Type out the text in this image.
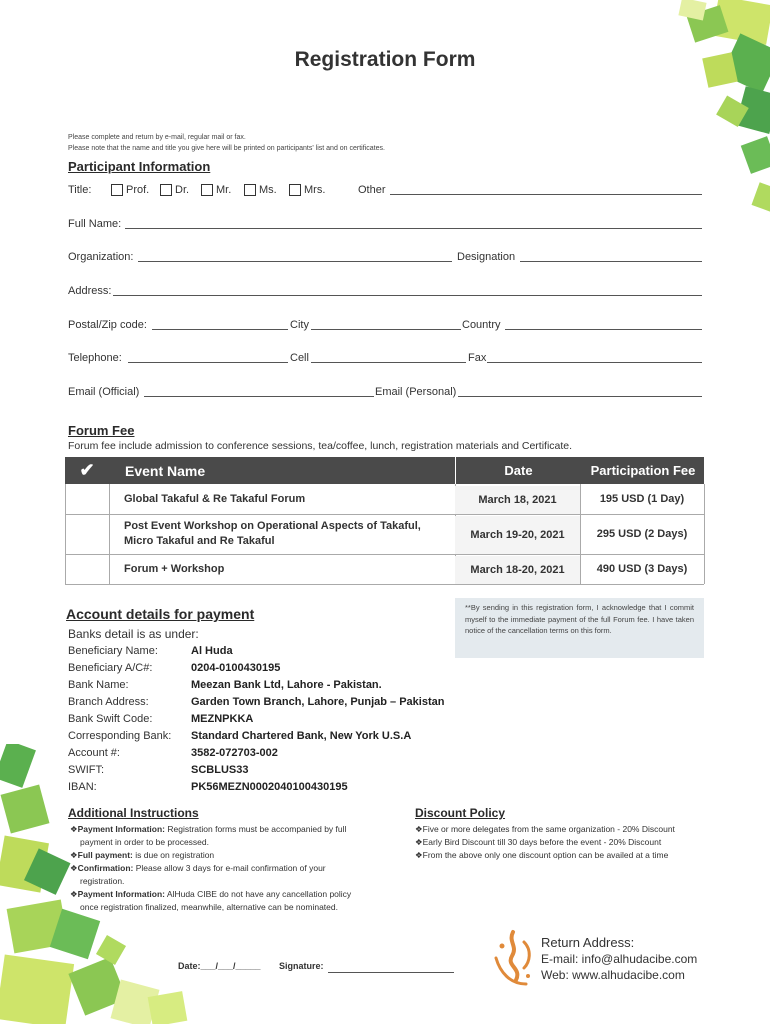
Registration Form
Please complete and return by e-mail, regular mail or fax.
Please note that the name and title you give here will be printed on participants' list and on certificates.
Participant Information
Title:	Prof.	Dr.	Mr.	Ms.	Mrs.	Other
Full Name:
Organization:	Designation
Address:
Postal/Zip code:	City	Country
Telephone:	Cell	Fax
Email (Official)	Email (Personal)
Forum Fee
Forum fee include admission to conference sessions, tea/coffee, lunch, registration materials and Certificate.
✔	Event Name	Date	Participation Fee
Global Takaful & Re Takaful Forum	March 18, 2021	195 USD (1 Day)
Post Event Workshop on Operational Aspects of Takaful, Micro Takaful and Re Takaful	March 19-20, 2021	295 USD (2 Days)
Forum + Workshop	March 18-20, 2021	490 USD (3 Days)
Account details for payment
Banks detail is as under:
Beneficiary Name:	Al Huda
Beneficiary A/C#:	0204-0100430195
Bank Name:	Meezan Bank Ltd, Lahore - Pakistan.
Branch Address:	Garden Town Branch, Lahore, Punjab – Pakistan
Bank Swift Code:	MEZNPKKA
Corresponding Bank: Standard Chartered Bank, New York U.S.A
Account #:	3582-072703-002
SWIFT:	SCBLUS33
IBAN:	PK56MEZN0002040100430195
**By sending in this registration form, I acknowledge that I commit myself to the immediate payment of the full Forum fee. I have taken notice of the cancellation terms on this form.
Additional Instructions
❖Payment Information: Registration forms must be accompanied by full payment in order to be processed.
❖Full payment: is due on registration
❖Confirmation: Please allow 3 days for e-mail confirmation of your registration.
❖Payment Information: AlHuda CIBE do not have any cancellation policy once registration finalized, meanwhile, alternative can be nominated.
Discount Policy
❖Five or more delegates from the same organization - 20% Discount
❖Early Bird Discount till 30 days before the event - 20% Discount
❖From the above only one discount option can be availed at a time
Date:___/___/_____ Signature:
Return Address:
E-mail: info@alhudacibe.com
Web: www.alhudacibe.com
